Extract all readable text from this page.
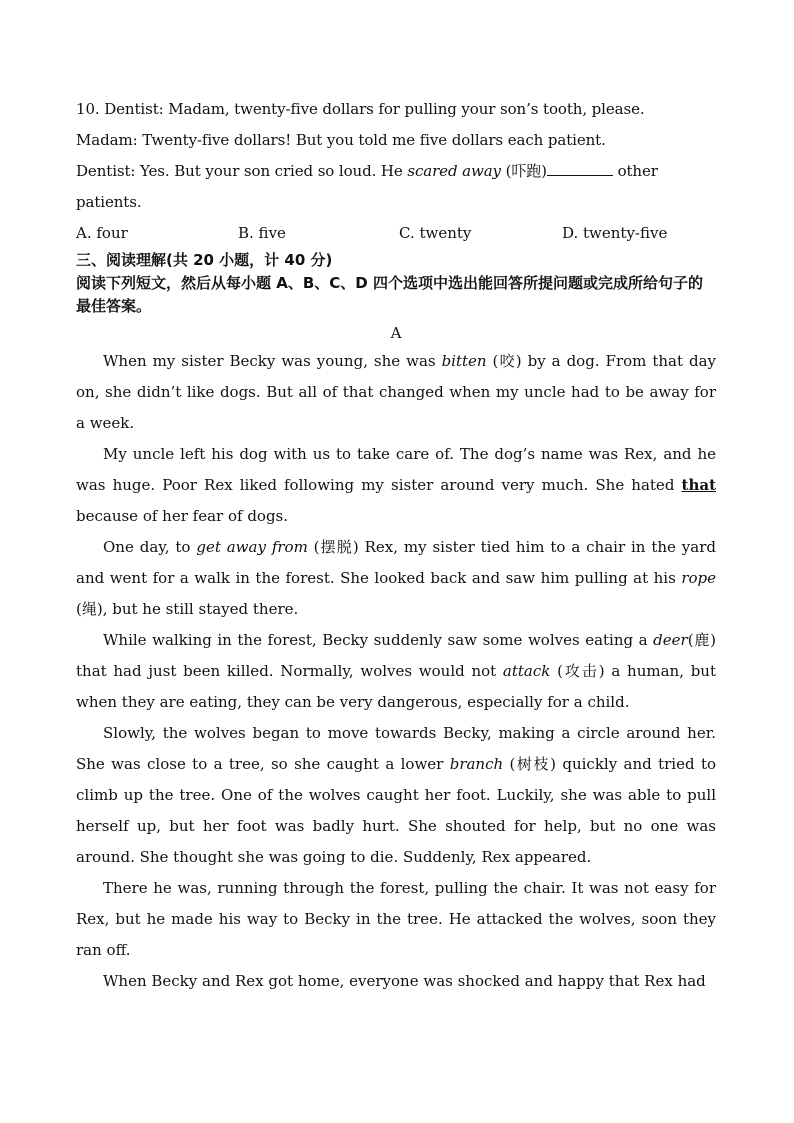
10. Dentist: Madam, twenty-five dollars for pulling your son’s tooth, please.
Madam: Twenty-five dollars! But you told me five dollars each patient.
Dentist: Yes. But your son cried so loud. He scared away (吓跑)	other
patients.
A. four	B. five	C. twenty	D. twenty-five
三、阅读理解(共 20 小题，计 40 分)

阅读下列短文，然后从每小题 A、B、C、D 四个选项中选出能回答所提问题或完成所给句子的最佳答案。

A

When my sister Becky was young, she was bitten (咬) by a dog. From that day on, she didn’t like dogs. But all of that changed when my uncle had to be away for a week.

My uncle left his dog with us to take care of. The dog’s name was Rex, and he was huge. Poor Rex liked following my sister around very much. She hated that because of her fear of dogs.

One day, to get away from (摆脱) Rex, my sister tied him to a chair in the yard and went for a walk in the forest. She looked back and saw him pulling at his rope (绳), but he still stayed there.

While walking in the forest, Becky suddenly saw some wolves eating a deer(鹿) that had just been killed. Normally, wolves would not attack (攻击) a human, but when they are eating, they can be very dangerous, especially for a child.

Slowly, the wolves began to move towards Becky, making a circle around her. She was close to a tree, so she caught a lower branch (树枝) quickly and tried to climb up the tree. One of the wolves caught her foot. Luckily, she was able to pull herself up, but her foot was badly hurt. She shouted for help, but no one was around. She thought she was going to die. Suddenly, Rex appeared.

There he was, running through the forest, pulling the chair. It was not easy for Rex, but he made his way to Becky in the tree. He attacked the wolves, soon they ran off.

When Becky and Rex got home, everyone was shocked and happy that Rex had
